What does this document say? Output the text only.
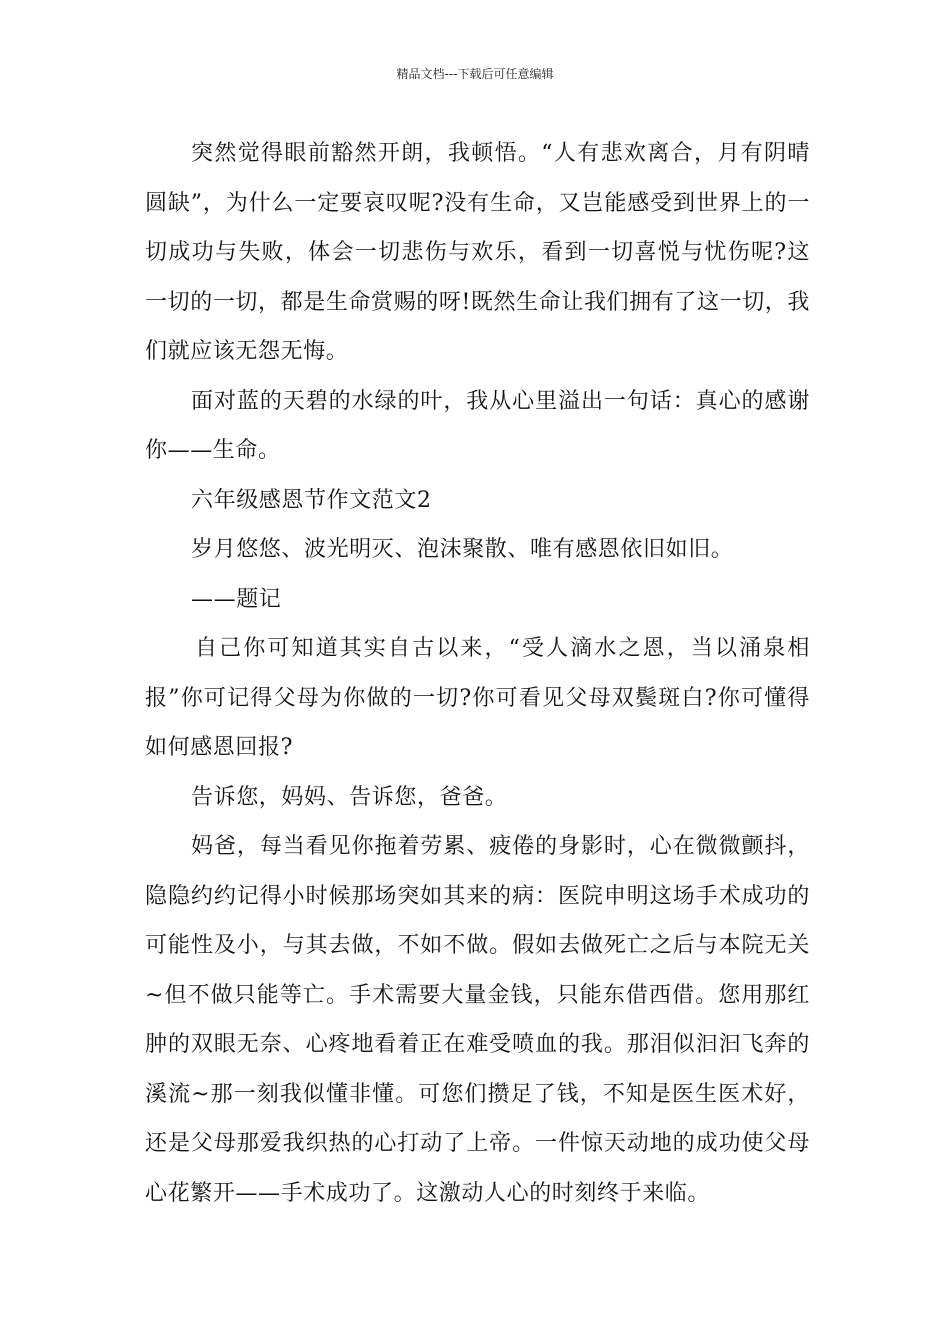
精品文档---下载后可任意编辑

突然觉得眼前豁然开朗，我顿悟。“人有悲欢离合，月有阴晴圆缺”，为什么一定要哀叹呢?没有生命，又岂能感受到世界上的一切成功与失败，体会一切悲伤与欢乐，看到一切喜悦与忧伤呢?这一切的一切，都是生命赏赐的呀!既然生命让我们拥有了这一切，我们就应该无怨无悔。

面对蓝的天碧的水绿的叶，我从心里溢出一句话：真心的感谢你——生命。

六年级感恩节作文范文2

岁月悠悠、波光明灭、泡沫聚散、唯有感恩依旧如旧。

——题记

自己你可知道其实自古以来，“受人滴水之恩，当以涌泉相报”你可记得父母为你做的一切?你可看见父母双鬓斑白?你可懂得如何感恩回报?

告诉您，妈妈、告诉您，爸爸。

妈爸，每当看见你拖着劳累、疲倦的身影时，心在微微颤抖，隐隐约约记得小时候那场突如其来的病：医院申明这场手术成功的可能性及小，与其去做，不如不做。假如去做死亡之后与本院无关~但不做只能等亡。手术需要大量金钱，只能东借西借。您用那红肿的双眼无奈、心疼地看着正在难受喷血的我。那泪似汩汩飞奔的溪流~那一刻我似懂非懂。可您们攒足了钱，不知是医生医术好，还是父母那爱我织热的心打动了上帝。一件惊天动地的成功使父母心花繁开——手术成功了。这激动人心的时刻终于来临。
